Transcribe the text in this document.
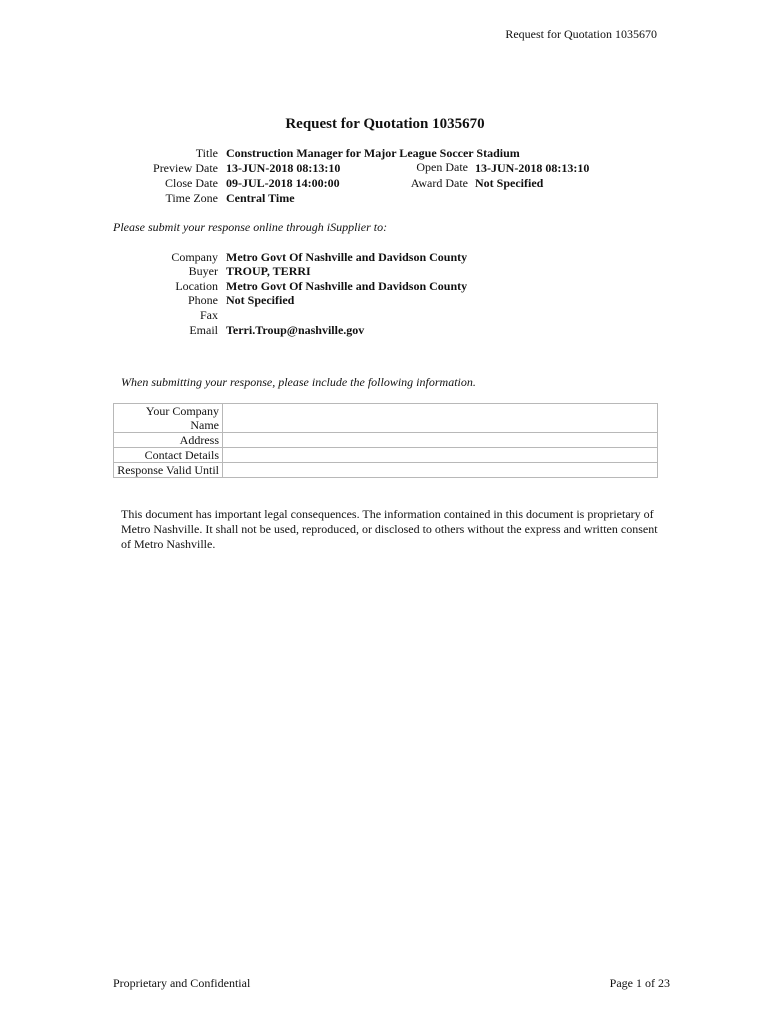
Request for Quotation 1035670
Request for Quotation 1035670
Title Construction Manager for Major League Soccer Stadium
Preview Date 13-JUN-2018 08:13:10	Open Date 13-JUN-2018 08:13:10
Close Date 09-JUL-2018 14:00:00	Award Date Not Specified
Time Zone Central Time
Please submit your response online through iSupplier to:
Company Metro Govt Of Nashville and Davidson County
Buyer TROUP, TERRI
Location Metro Govt Of Nashville and Davidson County
Phone Not Specified
Fax
Email Terri.Troup@nashville.gov
When submitting your response, please include the following information.
Your Company Name	
Address	
Contact Details	
Response Valid Until	
This document has important legal consequences. The information contained in this document is proprietary of Metro Nashville. It shall not be used, reproduced, or disclosed to others without the express and written consent of Metro Nashville.
Proprietary and Confidential	Page 1 of 23
